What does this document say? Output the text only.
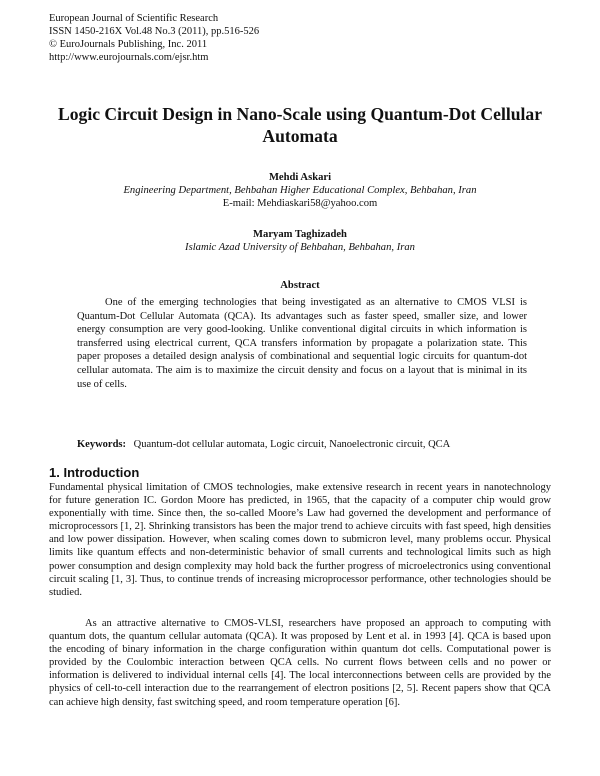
European Journal of Scientific Research
ISSN 1450-216X Vol.48 No.3 (2011), pp.516-526
© EuroJournals Publishing, Inc. 2011
http://www.eurojournals.com/ejsr.htm
Logic Circuit Design in Nano-Scale using Quantum-Dot Cellular Automata
Mehdi Askari
Engineering Department, Behbahan Higher Educational Complex, Behbahan, Iran
E-mail: Mehdiaskari58@yahoo.com
Maryam Taghizadeh
Islamic Azad University of Behbahan, Behbahan, Iran
Abstract
One of the emerging technologies that being investigated as an alternative to CMOS VLSI is Quantum-Dot Cellular Automata (QCA). Its advantages such as faster speed, smaller size, and lower energy consumption are very good-looking. Unlike conventional digital circuits in which information is transferred using electrical current, QCA transfers information by propagate a polarization state. This paper proposes a detailed design analysis of combinational and sequential logic circuits for quantum-dot cellular automata. The aim is to maximize the circuit density and focus on a layout that is minimal in its use of cells.
Keywords: Quantum-dot cellular automata, Logic circuit, Nanoelectronic circuit, QCA
1. Introduction
Fundamental physical limitation of CMOS technologies, make extensive research in recent years in nanotechnology for future generation IC. Gordon Moore has predicted, in 1965, that the capacity of a computer chip would grow exponentially with time. Since then, the so-called Moore’s Law had governed the development and performance of microprocessors [1, 2]. Shrinking transistors has been the major trend to achieve circuits with fast speed, high densities and low power dissipation. However, when scaling comes down to submicron level, many problems occur. Physical limits like quantum effects and non-deterministic behavior of small currents and technological limits such as high power consumption and design complexity may hold back the further progress of microelectronics using conventional circuit scaling [1, 3]. Thus, to continue trends of increasing microprocessor performance, other technologies should be studied.
As an attractive alternative to CMOS-VLSI, researchers have proposed an approach to computing with quantum dots, the quantum cellular automata (QCA). It was proposed by Lent et al. in 1993 [4]. QCA is based upon the encoding of binary information in the charge configuration within quantum dot cells. Computational power is provided by the Coulombic interaction between QCA cells. No current flows between cells and no power or information is delivered to individual internal cells [4]. The local interconnections between cells are provided by the physics of cell-to-cell interaction due to the rearrangement of electron positions [2, 5]. Recent papers show that QCA can achieve high density, fast switching speed, and room temperature operation [6].
